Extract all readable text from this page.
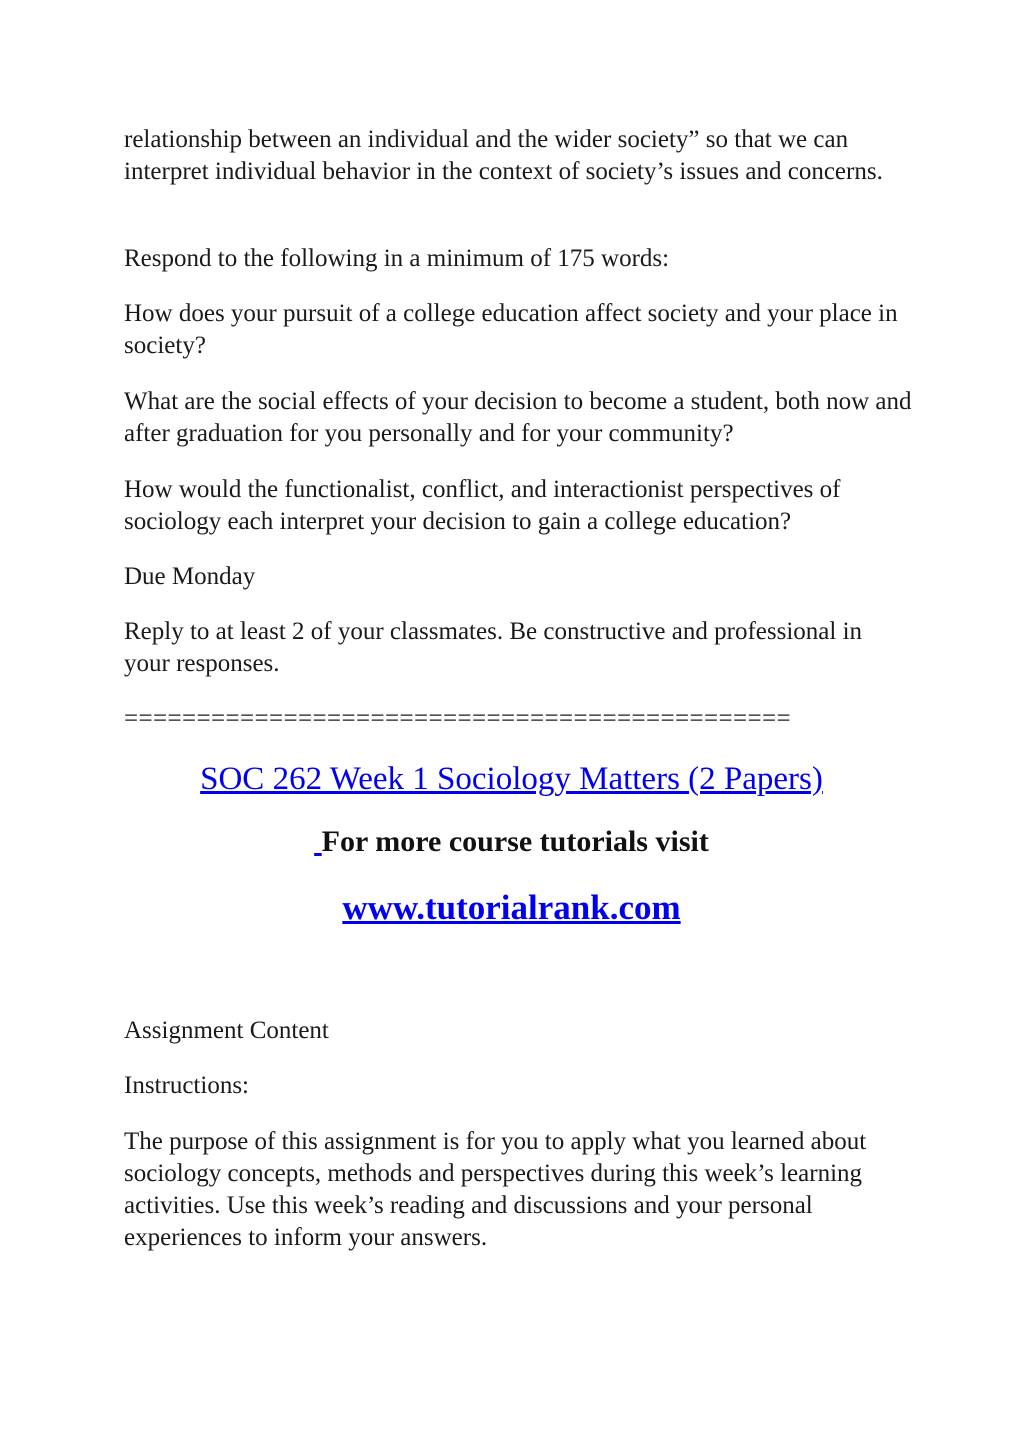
relationship between an individual and the wider society” so that we can interpret individual behavior in the context of society’s issues and concerns.

Respond to the following in a minimum of 175 words:

How does your pursuit of a college education affect society and your place in society?

What are the social effects of your decision to become a student, both now and after graduation for you personally and for your community?

How would the functionalist, conflict, and interactionist perspectives of sociology each interpret your decision to gain a college education?

Due Monday

Reply to at least 2 of your classmates. Be constructive and professional in your responses.

==============================================

SOC 262 Week 1 Sociology Matters (2 Papers)

For more course tutorials visit

www.tutorialrank.com

Assignment Content

Instructions:

The purpose of this assignment is for you to apply what you learned about sociology concepts, methods and perspectives during this week’s learning activities. Use this week’s reading and discussions and your personal experiences to inform your answers.
